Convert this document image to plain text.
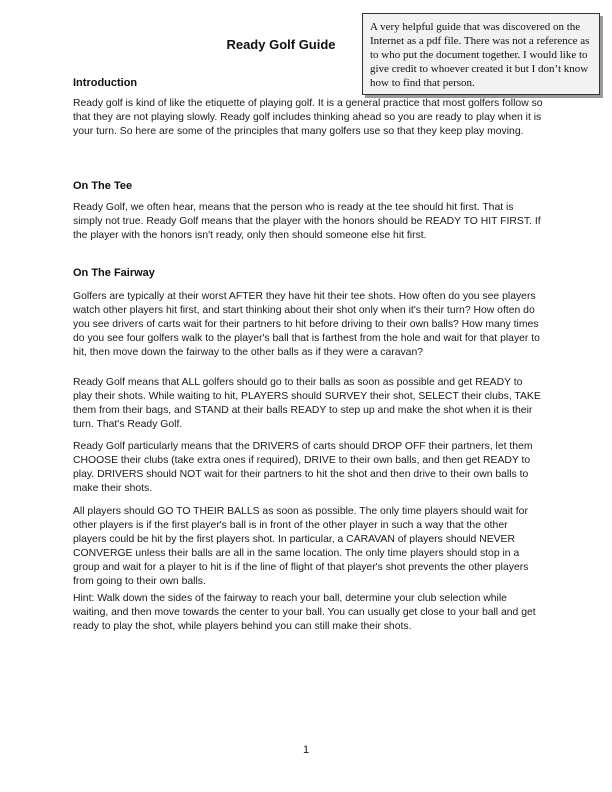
A very helpful guide that was discovered on the Internet as a pdf file. There was not a reference as to who put the document together. I would like to give credit to whoever created it but I don’t know how to find that person.
Ready Golf Guide
Introduction

Ready golf is kind of like the etiquette of playing golf. It is a general practice that most golfers follow so that they are not playing slowly. Ready golf includes thinking ahead so you are ready to play when it is your turn. So here are some of the principles that many golfers use so that they keep play moving.

On The Tee

Ready Golf, we often hear, means that the person who is ready at the tee should hit first. That is simply not true. Ready Golf means that the player with the honors should be READY TO HIT FIRST. If the player with the honors isn't ready, only then should someone else hit first.

On The Fairway

Golfers are typically at their worst AFTER they have hit their tee shots. How often do you see players watch other players hit first, and start thinking about their shot only when it's their turn? How often do you see drivers of carts wait for their partners to hit before driving to their own balls? How many times do you see four golfers walk to the player's ball that is farthest from the hole and wait for that player to hit, then move down the fairway to the other balls as if they were a caravan?

Ready Golf means that ALL golfers should go to their balls as soon as possible and get READY to play their shots. While waiting to hit, PLAYERS should SURVEY their shot, SELECT their clubs, TAKE them from their bags, and STAND at their balls READY to step up and make the shot when it is their turn. That's Ready Golf.

Ready Golf particularly means that the DRIVERS of carts should DROP OFF their partners, let them CHOOSE their clubs (take extra ones if required), DRIVE to their own balls, and then get READY to play. DRIVERS should NOT wait for their partners to hit the shot and then drive to their own balls to make their shots.

All players should GO TO THEIR BALLS as soon as possible. The only time players should wait for other players is if the first player's ball is in front of the other player in such a way that the other players could be hit by the first players shot. In particular, a CARAVAN of players should NEVER CONVERGE unless their balls are all in the same location. The only time players should stop in a group and wait for a player to hit is if the line of flight of that player's shot prevents the other players from going to their own balls.

Hint: Walk down the sides of the fairway to reach your ball, determine your club selection while waiting, and then move towards the center to your ball. You can usually get close to your ball and get ready to play the shot, while players behind you can still make their shots.

1
